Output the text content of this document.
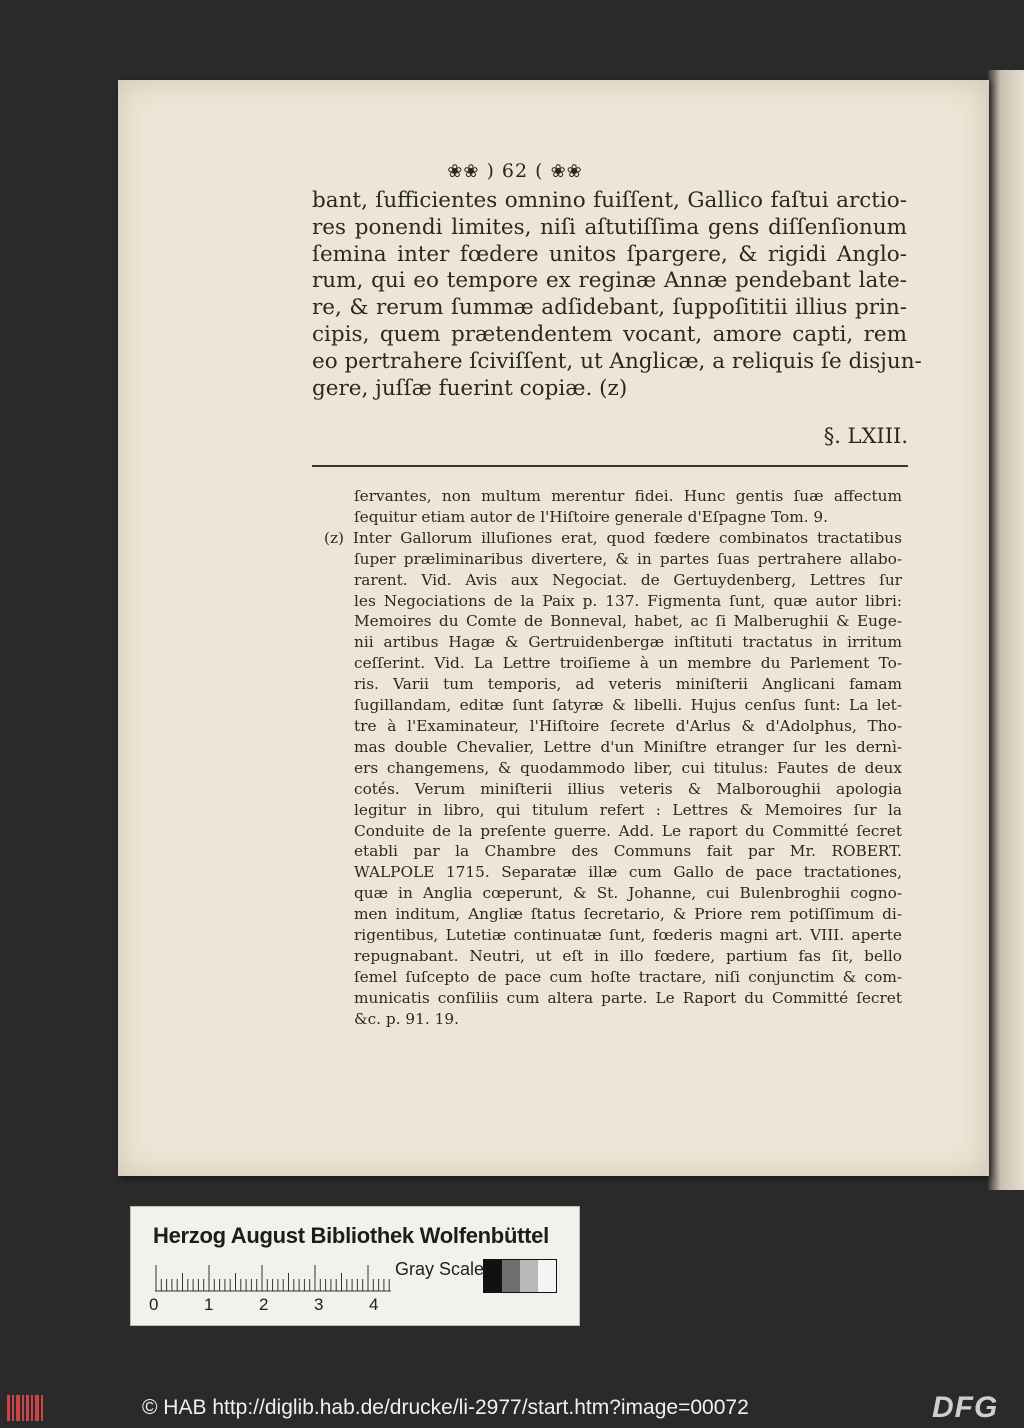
❀❀ ) 62 ( ❀❀
bant, ſufficientes omnino fuiſſent, Gallico faſtui arctio-
res ponendi limites, niſi aſtutiſſima gens diſſenſionum
ſemina inter fœdere unitos ſpargere, & rigidi Anglo-
rum, qui eo tempore ex reginæ Annæ pendebant late-
re, & rerum ſummæ adſidebant, ſuppoſititii illius prin-
cipis, quem prætendentem vocant, amore capti, rem
eo pertrahere ſciviſſent, ut Anglicæ, a reliquis ſe disjun-
gere, juſſæ fuerint copiæ. (z)
§. LXIII.
ſervantes, non multum merentur fidei. Hunc gentis ſuæ affectum
ſequitur etiam autor de l'Hiſtoire generale d'Eſpagne Tom. 9.
(z) Inter Gallorum illuſiones erat, quod fœdere combinatos tractatibus
ſuper præliminaribus divertere, & in partes ſuas pertrahere allabo-
rarent. Vid. Avis aux Negociat. de Gertuydenberg, Lettres ſur
les Negociations de la Paix p. 137. Figmenta ſunt, quæ autor libri:
Memoires du Comte de Bonneval, habet, ac ſi Malberughii & Euge-
nii artibus Hagæ & Gertruidenbergæ inſtituti tractatus in irritum
ceſſerint. Vid. La Lettre troiſieme à un membre du Parlement To-
ris. Varii tum temporis, ad veteris miniſterii Anglicani famam
ſugillandam, editæ ſunt ſatyræ & libelli. Hujus cenſus ſunt: La let-
tre à l'Examinateur, l'Hiſtoire ſecrete d'Arlus & d'Adolphus, Tho-
mas double Chevalier, Lettre d'un Miniſtre etranger ſur les dernì-
ers changemens, & quodammodo liber, cui titulus: Fautes de deux
cotés. Verum miniſterii illius veteris & Malboroughii apologia
legitur in libro, qui titulum refert : Lettres & Memoires ſur la
Conduite de la preſente guerre. Add. Le raport du Committé ſecret
etabli par la Chambre des Communs fait par Mr. ROBERT.
WALPOLE 1715. Separatæ illæ cum Gallo de pace tractationes,
quæ in Anglia cœperunt, & St. Johanne, cui Bulenbroghii cogno-
men inditum, Angliæ ſtatus ſecretario, & Priore rem potiſſimum di-
rigentibus, Lutetiæ continuatæ ſunt, fœderis magni art. VIII. aperte
repugnabant. Neutri, ut eſt in illo fœdere, partium fas ſit, bello
ſemel ſuſcepto de pace cum hoſte tractare, niſi conjunctim & com-
municatis conſiliis cum altera parte. Le Raport du Committé ſecret
&c. p. 91. 19.
Herzog August Bibliothek Wolfenbüttel
0	1	2	3	4
Gray Scale
© HAB http://diglib.hab.de/drucke/li-2977/start.htm?image=00072	DFG
